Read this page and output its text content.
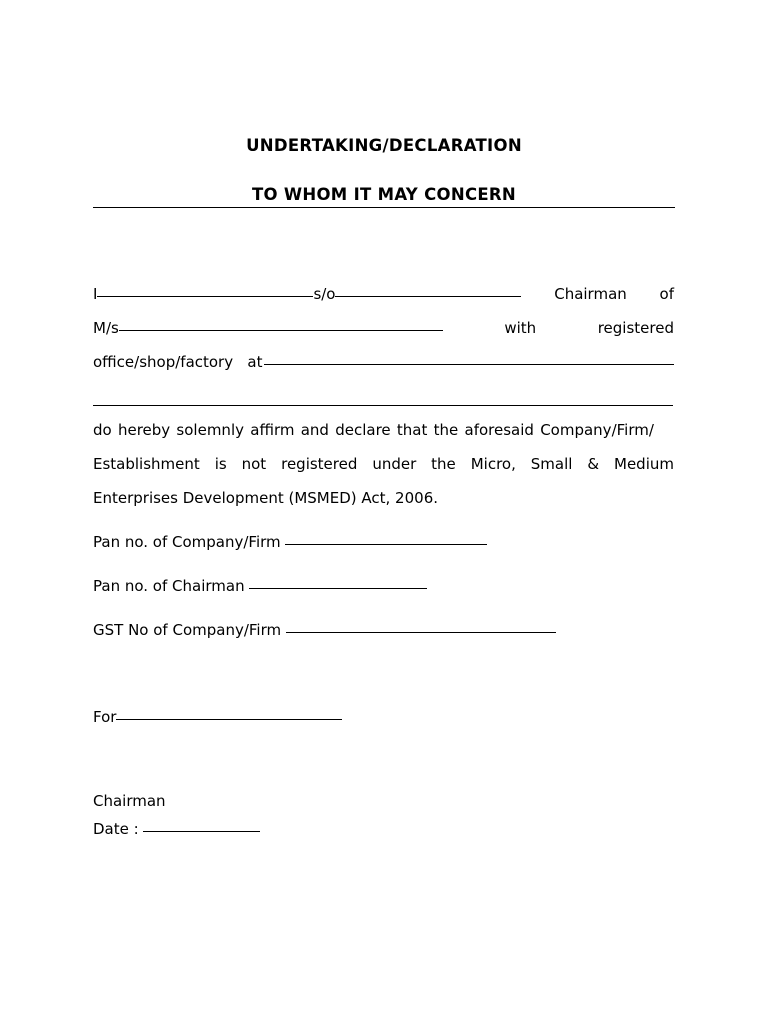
UNDERTAKING/DECLARATION
TO WHOM IT MAY CONCERN
I	s/o	Chairman of
M/s	with	registered
office/shop/factory   at
do hereby solemnly affirm and declare that the aforesaid Company/Firm/
Establishment is not registered under the Micro, Small & Medium
Enterprises Development (MSMED) Act, 2006.
Pan no. of Company/Firm
Pan no. of Chairman
GST No of Company/Firm
For
Chairman
Date :
